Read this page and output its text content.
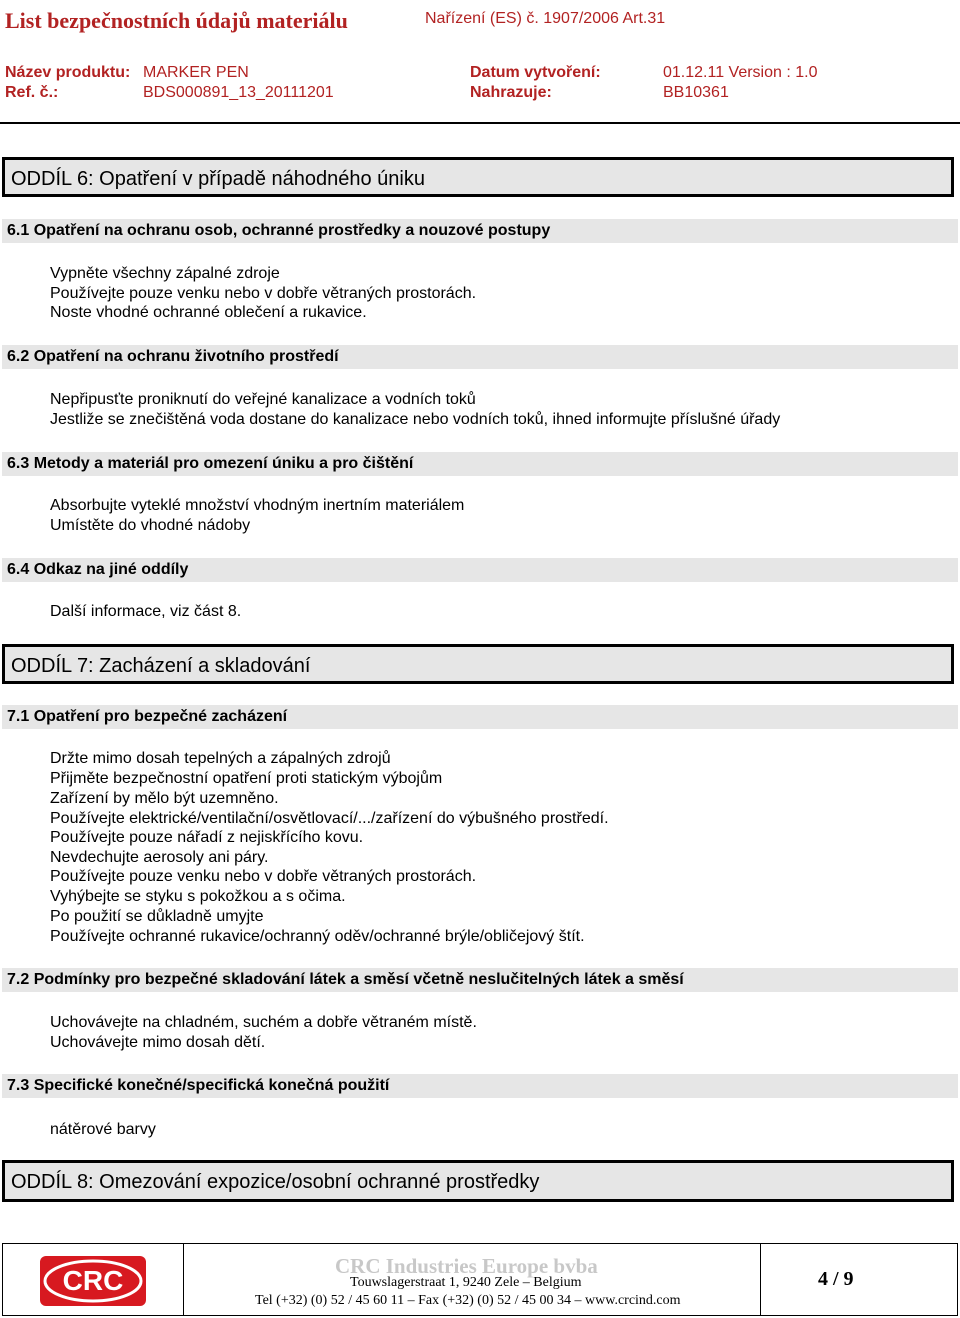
List bezpečnostních údajů materiálu	Nařízení (ES) č. 1907/2006 Art.31
Název produktu: MARKER PEN
Ref. č.:	BDS000891_13_20111201
Datum vytvoření:	01.12.11 Version : 1.0
Nahrazuje:	BB10361
ODDÍL 6: Opatření v případě náhodného úniku
6.1 Opatření na ochranu osob, ochranné prostředky a nouzové postupy
Vypněte všechny zápalné zdroje
Používejte pouze venku nebo v dobře větraných prostorách.
Noste vhodné ochranné oblečení a rukavice.
6.2 Opatření na ochranu životního prostředí
Nepřipusťte proniknutí do veřejné kanalizace a vodních toků
Jestliže se znečištěná voda dostane do kanalizace nebo vodních toků, ihned informujte příslušné úřady
6.3 Metody a materiál pro omezení úniku a pro čištění
Absorbujte vyteklé množství vhodným inertním materiálem
Umístěte do vhodné nádoby
6.4 Odkaz na jiné oddíly
Další informace, viz část 8.
ODDÍL 7: Zacházení a skladování
7.1 Opatření pro bezpečné zacházení
Držte mimo dosah tepelných a zápalných zdrojů
Přijměte bezpečnostní opatření proti statickým výbojům
Zařízení by mělo být uzemněno.
Používejte elektrické/ventilační/osvětlovací/.../zařízení do výbušného prostředí.
Používejte pouze nářadí z nejiskřícího kovu.
Nevdechujte aerosoly ani páry.
Používejte pouze venku nebo v dobře větraných prostorách.
Vyhýbejte se styku s pokožkou a s očima.
Po použití se důkladně umyjte
Používejte ochranné rukavice/ochranný oděv/ochranné brýle/obličejový štít.
7.2 Podmínky pro bezpečné skladování látek a směsí včetně neslučitelných látek a směsí
Uchovávejte na chladném, suchém a dobře větraném místě.
Uchovávejte mimo dosah dětí.
7.3 Specifické konečné/specifická konečná použití
nátěrové barvy
ODDÍL 8: Omezování expozice/osobní ochranné prostředky
CRC	CRC Industries Europe bvba
Touwslagerstraat 1, 9240 Zele – Belgium
Tel (+32) (0) 52 / 45 60 11 – Fax (+32) (0) 52 / 45 00 34 – www.crcind.com
4 / 9
